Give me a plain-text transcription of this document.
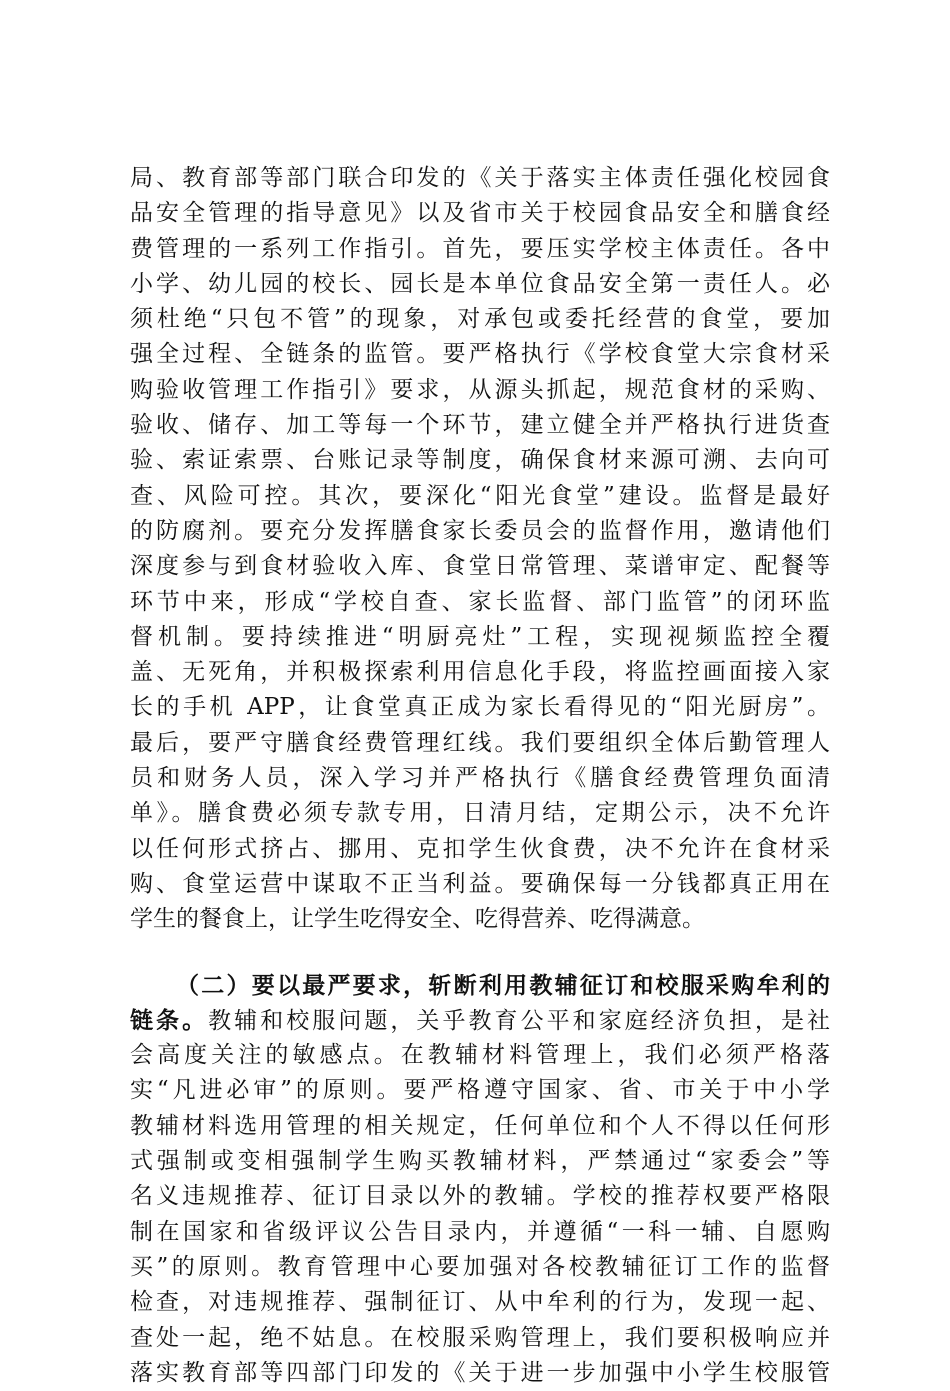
局、教育部等部门联合印发的《关于落实主体责任强化校园食
品安全管理的指导意见》以及省市关于校园食品安全和膳食经
费管理的一系列工作指引。首先，要压实学校主体责任。各中
小学、幼儿园的校长、园长是本单位食品安全第一责任人。必
须杜绝“只包不管”的现象，对承包或委托经营的食堂，要加
强全过程、全链条的监管。要严格执行《学校食堂大宗食材采
购验收管理工作指引》要求，从源头抓起，规范食材的采购、
验收、储存、加工等每一个环节，建立健全并严格执行进货查
验、索证索票、台账记录等制度，确保食材来源可溯、去向可
查、风险可控。其次，要深化“阳光食堂”建设。监督是最好
的防腐剂。要充分发挥膳食家长委员会的监督作用，邀请他们
深度参与到食材验收入库、食堂日常管理、菜谱审定、配餐等
环节中来，形成“学校自查、家长监督、部门监管”的闭环监
督机制。要持续推进“明厨亮灶”工程，实现视频监控全覆
盖、无死角，并积极探索利用信息化手段，将监控画面接入家
长的手机 APP，让食堂真正成为家长看得见的“阳光厨房”。
最后，要严守膳食经费管理红线。我们要组织全体后勤管理人
员和财务人员，深入学习并严格执行《膳食经费管理负面清
单》。膳食费必须专款专用，日清月结，定期公示，决不允许
以任何形式挤占、挪用、克扣学生伙食费，决不允许在食材采
购、食堂运营中谋取不正当利益。要确保每一分钱都真正用在
学生的餐食上，让学生吃得安全、吃得营养、吃得满意。
（二）要以最严要求，斩断利用教辅征订和校服采购牟利的
链条。教辅和校服问题，关乎教育公平和家庭经济负担，是社
会高度关注的敏感点。在教辅材料管理上，我们必须严格落
实“凡进必审”的原则。要严格遵守国家、省、市关于中小学
教辅材料选用管理的相关规定，任何单位和个人不得以任何形
式强制或变相强制学生购买教辅材料，严禁通过“家委会”等
名义违规推荐、征订目录以外的教辅。学校的推荐权要严格限
制在国家和省级评议公告目录内，并遵循“一科一辅、自愿购
买”的原则。教育管理中心要加强对各校教辅征订工作的监督
检查，对违规推荐、强制征订、从中牟利的行为，发现一起、
查处一起，绝不姑息。在校服采购管理上，我们要积极响应并
落实教育部等四部门印发的《关于进一步加强中小学生校服管
